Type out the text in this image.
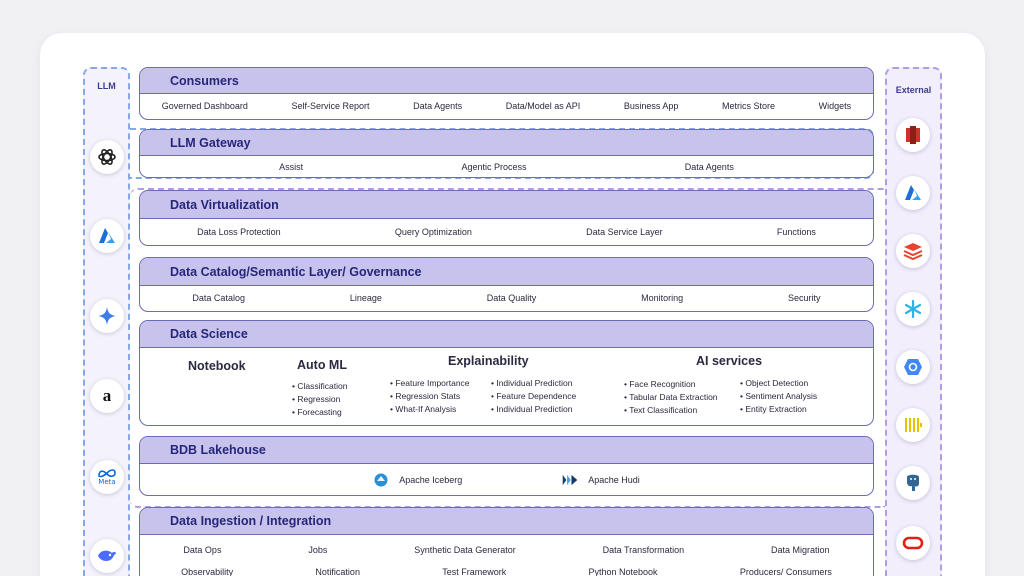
LLM
a
Meta
External
Consumers
Governed Dashboard	Self-Service Report	Data Agents	Data/Model as API	Business App	Metrics Store	Widgets
LLM Gateway
Assist	Agentic Process	Data Agents
Data Virtualization
Data Loss Protection	Query Optimization	Data Service Layer	Functions
Data Catalog/Semantic Layer/ Governance
Data Catalog	Lineage	Data Quality	Monitoring	Security
Data Science
Notebook	Auto ML
• Classification
• Regression
• Forecasting
Explainability
• Feature Importance
• Regression Stats
• What-If Analysis
• Individual Prediction
• Feature Dependence
• Individual Prediction
AI services
• Face Recognition
• Tabular Data Extraction
• Text Classification
• Object Detection
• Sentiment Analysis
• Entity Extraction
BDB Lakehouse
Apache Iceberg	Apache Hudi
Data Ingestion / Integration
Data Ops	Jobs	Synthetic Data Generator	Data Transformation	Data Migration
Observability	Notification	Test Framework	Python Notebook	Producers/ Consumers
